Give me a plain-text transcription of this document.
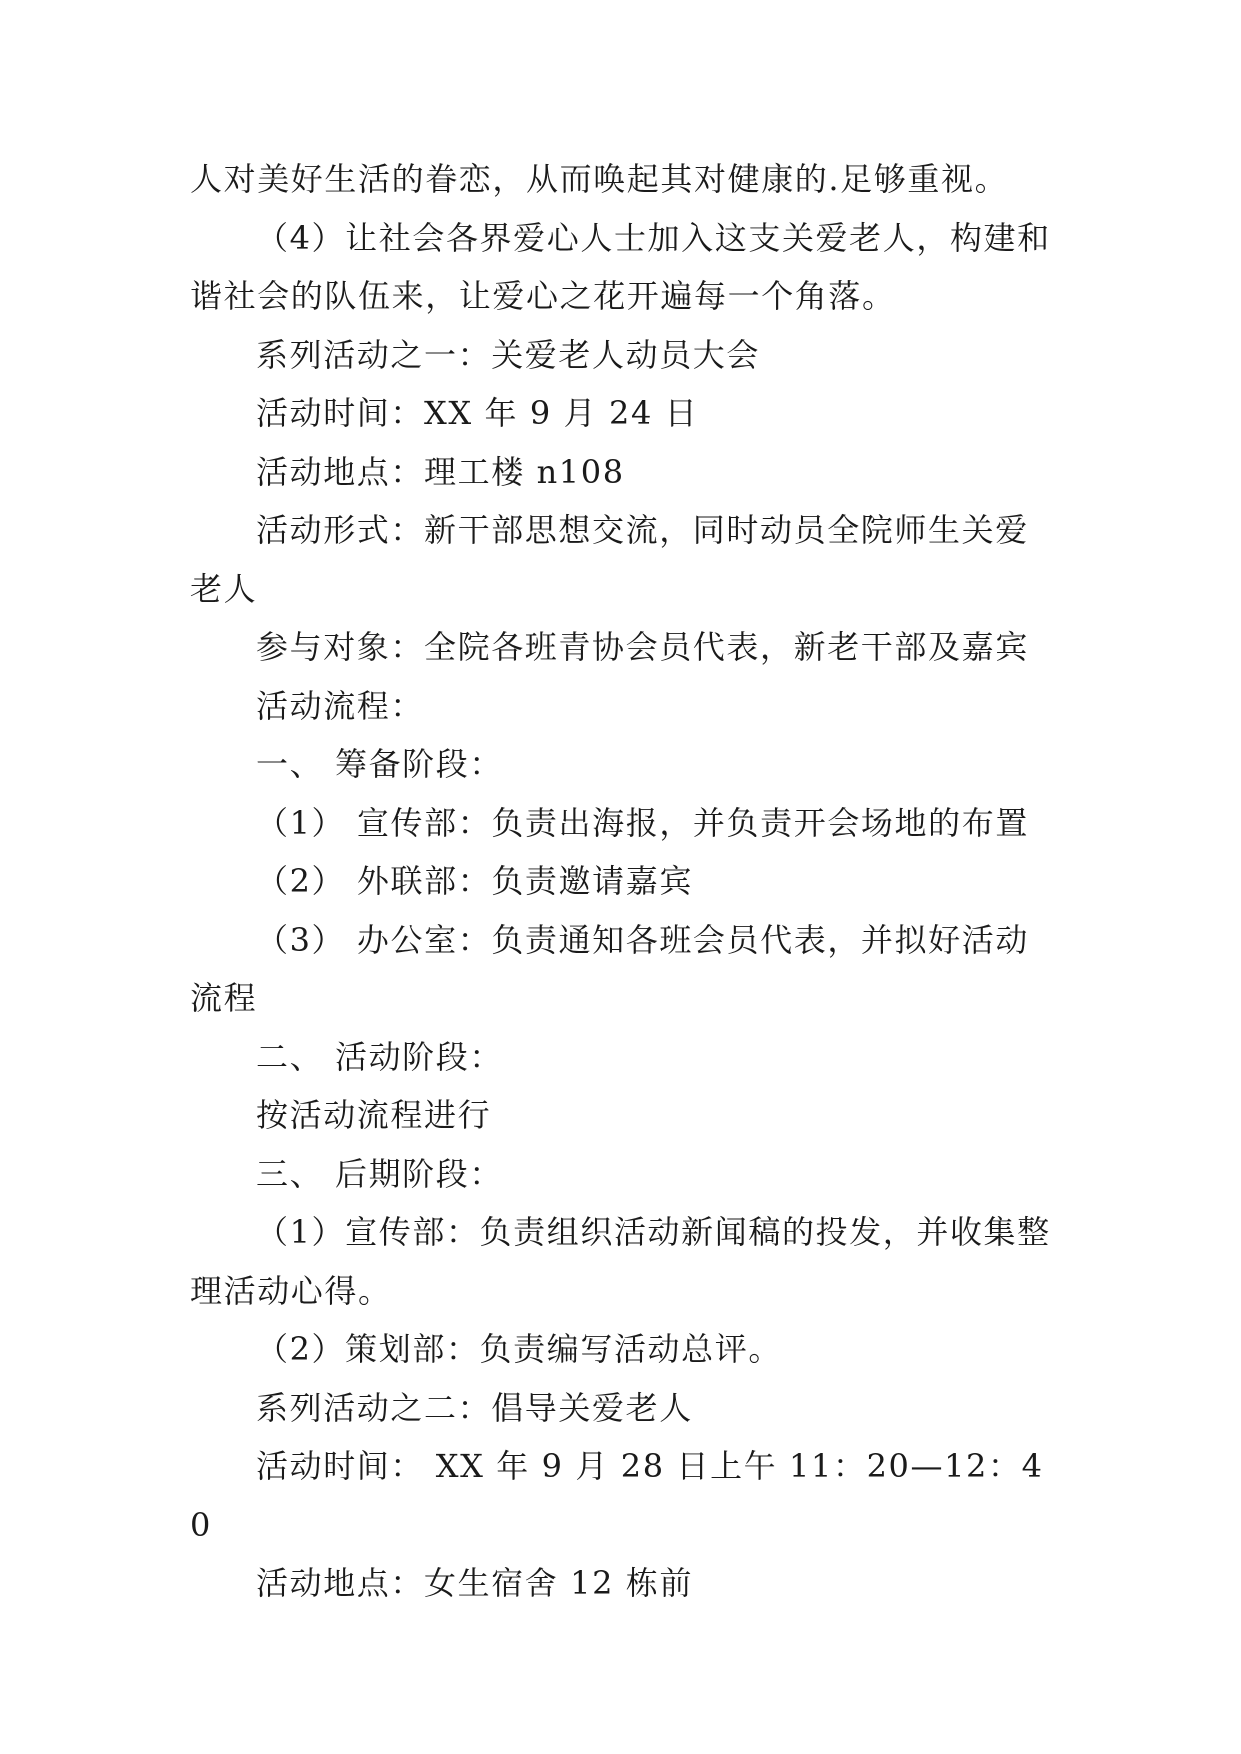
人对美好生活的眷恋，从而唤起其对健康的.足够重视。

（4）让社会各界爱心人士加入这支关爱老人，构建和谐社会的队伍来，让爱心之花开遍每一个角落。

系列活动之一：关爱老人动员大会

活动时间：XX 年 9 月 24 日

活动地点：理工楼 n108

活动形式：新干部思想交流，同时动员全院师生关爱老人

参与对象：全院各班青协会员代表，新老干部及嘉宾

活动流程：

一、 筹备阶段：

（1） 宣传部：负责出海报，并负责开会场地的布置

（2） 外联部：负责邀请嘉宾

（3） 办公室：负责通知各班会员代表，并拟好活动流程

二、 活动阶段：

按活动流程进行

三、 后期阶段：

（1）宣传部：负责组织活动新闻稿的投发，并收集整理活动心得。

（2）策划部：负责编写活动总评。

系列活动之二：倡导关爱老人

活动时间： XX 年 9 月 28 日上午 11：20—12：40

活动地点：女生宿舍 12 栋前
